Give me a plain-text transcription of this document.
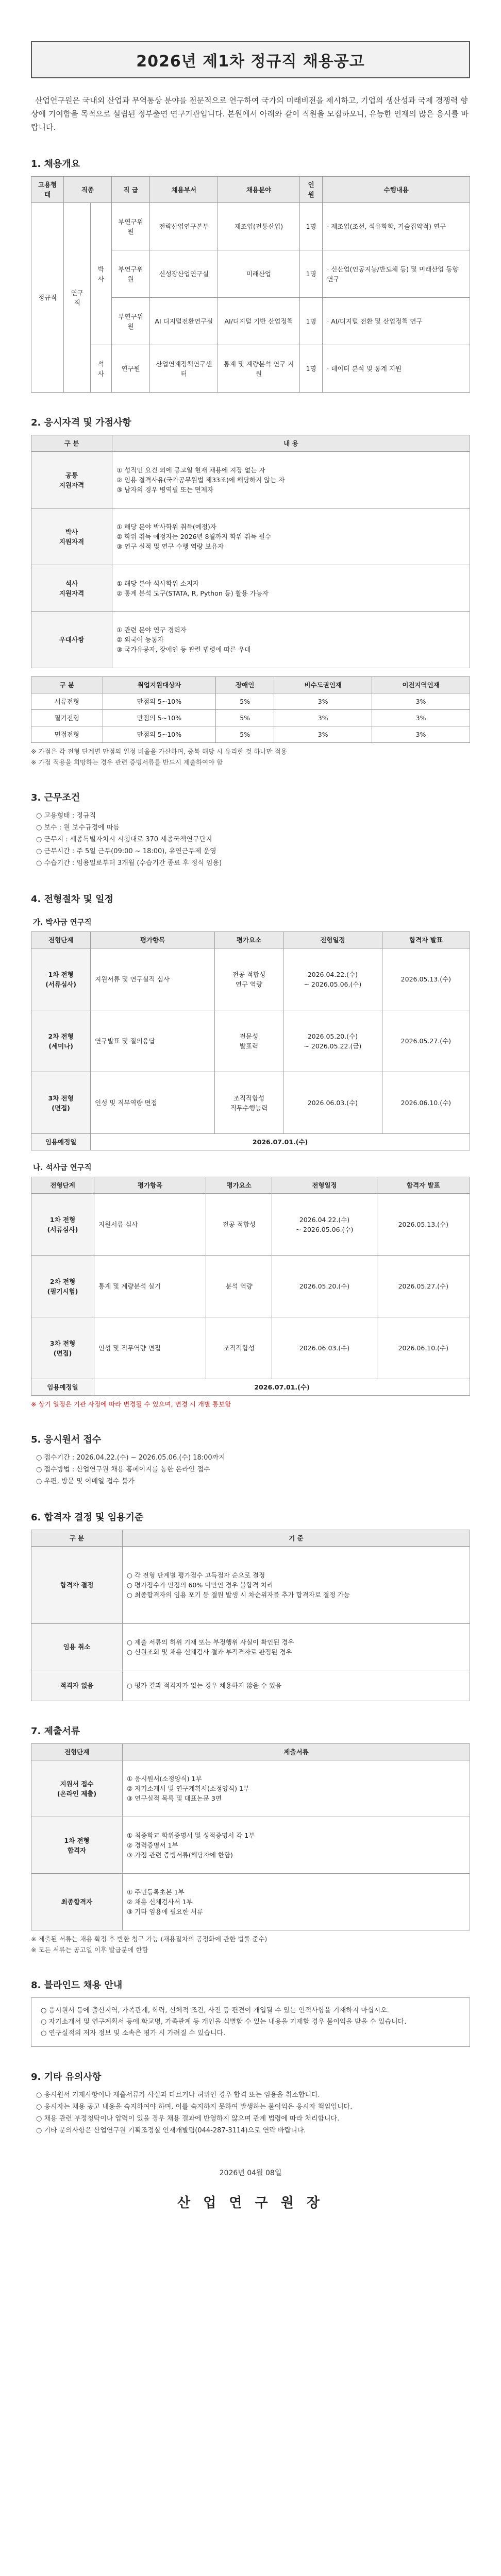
2026년 제1차 정규직 채용공고

산업연구원은 국내외 산업과 무역통상 분야를 전문적으로 연구하여 국가의 미래비전을 제시하고, 기업의 생산성과 국제 경쟁력 향상에 기여함을 목적으로 설립된 정부출연 연구기관입니다. 본원에서 아래와 같이 직원을 모집하오니, 유능한 인재의 많은 응시를 바랍니다.

1. 채용개요
고용형태	직종		직 급	채용부서	채용분야	인 원	수행내용
정규직	연구직	박사	부연구위원	전략산업연구본부	제조업(전통산업)	1명	· 제조업(조선, 석유화학, 기술집약적) 연구
			부연구위원	신성장산업연구실	미래산업	1명	· 신산업(인공지능/반도체 등) 및 미래산업 동향 연구
			부연구위원	AI 디지털전환연구실	AI/디지털 기반 산업정책	1명	· AI/디지털 전환 및 산업정책 연구
		석사	연구원	산업연계정책연구센터	통계 및 계량분석 연구 지원	1명	· 데이터 분석 및 통계 지원
2. 응시자격 및 가점사항
구 분	내 용
공통
지원자격	① 성적인 요건 외에 공고일 현재 채용에 지장 없는 자
② 임용 결격사유(국가공무원법 제33조)에 해당하지 않는 자
③ 남자의 경우 병역필 또는 면제자
박사
지원자격	① 해당 분야 박사학위 취득(예정)자
② 학위 취득 예정자는 2026년 8월까지 학위 취득 필수
③ 연구 실적 및 연구 수행 역량 보유자
석사
지원자격	① 해당 분야 석사학위 소지자
② 통계 분석 도구(STATA, R, Python 등) 활용 가능자
우대사항	① 관련 분야 연구 경력자
② 외국어 능통자
③ 국가유공자, 장애인 등 관련 법령에 따른 우대
구 분	취업지원대상자	장애인	비수도권인재	이전지역인재
서류전형	만점의 5~10%	5%	3%	3%
필기전형	만점의 5~10%	5%	3%	3%
면접전형	만점의 5~10%	5%	3%	3%

※ 가점은 각 전형 단계별 만점의 일정 비율을 가산하며, 중복 해당 시 유리한 것 하나만 적용
※ 가점 적용을 희망하는 경우 관련 증빙서류를 반드시 제출하여야 함

3. 근무조건

○ 고용형태 : 정규직
○ 보수 : 원 보수규정에 따름
○ 근무지 : 세종특별자치시 시청대로 370 세종국책연구단지
○ 근무시간 : 주 5일 근무(09:00 ~ 18:00), 유연근무제 운영
○ 수습기간 : 임용일로부터 3개월 (수습기간 종료 후 정식 임용)

4. 전형절차 및 일정
가. 박사급 연구직
전형단계	평가항목	평가요소	전형일정	합격자 발표
1차 전형
(서류심사)	지원서류 및 연구실적 심사	전공 적합성
연구 역량	2026.04.22.(수)
~ 2026.05.06.(수)	2026.05.13.(수)
2차 전형
(세미나)	연구발표 및 질의응답	전문성
발표력	2026.05.20.(수)
~ 2026.05.22.(금)	2026.05.27.(수)
3차 전형
(면접)	인성 및 직무역량 면접	조직적합성
직무수행능력	2026.06.03.(수)	2026.06.10.(수)
임용예정일	2026.07.01.(수)			
나. 석사급 연구직
전형단계	평가항목	평가요소	전형일정	합격자 발표
1차 전형
(서류심사)	지원서류 심사	전공 적합성	2026.04.22.(수)
~ 2026.05.06.(수)	2026.05.13.(수)
2차 전형
(필기시험)	통계 및 계량분석 실기	분석 역량	2026.05.20.(수)	2026.05.27.(수)
3차 전형
(면접)	인성 및 직무역량 면접	조직적합성	2026.06.03.(수)	2026.06.10.(수)
임용예정일	2026.07.01.(수)			

※ 상기 일정은 기관 사정에 따라 변경될 수 있으며, 변경 시 개별 통보함

5. 응시원서 접수

○ 접수기간 : 2026.04.22.(수) ~ 2026.05.06.(수) 18:00까지
○ 접수방법 : 산업연구원 채용 홈페이지를 통한 온라인 접수
○ 우편, 방문 및 이메일 접수 불가

6. 합격자 결정 및 임용기준
구 분	기 준
합격자 결정	○ 각 전형 단계별 평가점수 고득점자 순으로 결정
○ 평가점수가 만점의 60% 미만인 경우 불합격 처리
○ 최종합격자의 임용 포기 등 결원 발생 시 차순위자를 추가 합격자로 결정 가능
임용 취소	○ 제출 서류의 허위 기재 또는 부정행위 사실이 확인된 경우
○ 신원조회 및 채용 신체검사 결과 부적격자로 판정된 경우
적격자 없음	○ 평가 결과 적격자가 없는 경우 채용하지 않을 수 있음
7. 제출서류
전형단계	제출서류
지원서 접수
(온라인 제출)	① 응시원서(소정양식) 1부
② 자기소개서 및 연구계획서(소정양식) 1부
③ 연구실적 목록 및 대표논문 3편
1차 전형
합격자	① 최종학교 학위증명서 및 성적증명서 각 1부
② 경력증명서 1부
③ 가점 관련 증빙서류(해당자에 한함)
최종합격자	① 주민등록초본 1부
② 채용 신체검사서 1부
③ 기타 임용에 필요한 서류

※ 제출된 서류는 채용 확정 후 반환 청구 가능 (채용절차의 공정화에 관한 법률 준수)
※ 모든 서류는 공고일 이후 발급분에 한함

8. 블라인드 채용 안내
○ 응시원서 등에 출신지역, 가족관계, 학력, 신체적 조건, 사진 등 편견이 개입될 수 있는 인적사항을 기재하지 마십시오.
○ 자기소개서 및 연구계획서 등에 학교명, 가족관계 등 개인을 식별할 수 있는 내용을 기재할 경우 불이익을 받을 수 있습니다.
○ 연구실적의 저자 정보 및 소속은 평가 시 가려질 수 있습니다.
9. 기타 유의사항

○ 응시원서 기재사항이나 제출서류가 사실과 다르거나 허위인 경우 합격 또는 임용을 취소합니다.
○ 응시자는 채용 공고 내용을 숙지하여야 하며, 이를 숙지하지 못하여 발생하는 불이익은 응시자 책임입니다.
○ 채용 관련 부정청탁이나 압력이 있을 경우 채용 결과에 반영하지 않으며 관계 법령에 따라 처리합니다.
○ 기타 문의사항은 산업연구원 기획조정실 인재개발팀(044-287-3114)으로 연락 바랍니다.

2026년 04월 08일
산 업 연 구 원 장
